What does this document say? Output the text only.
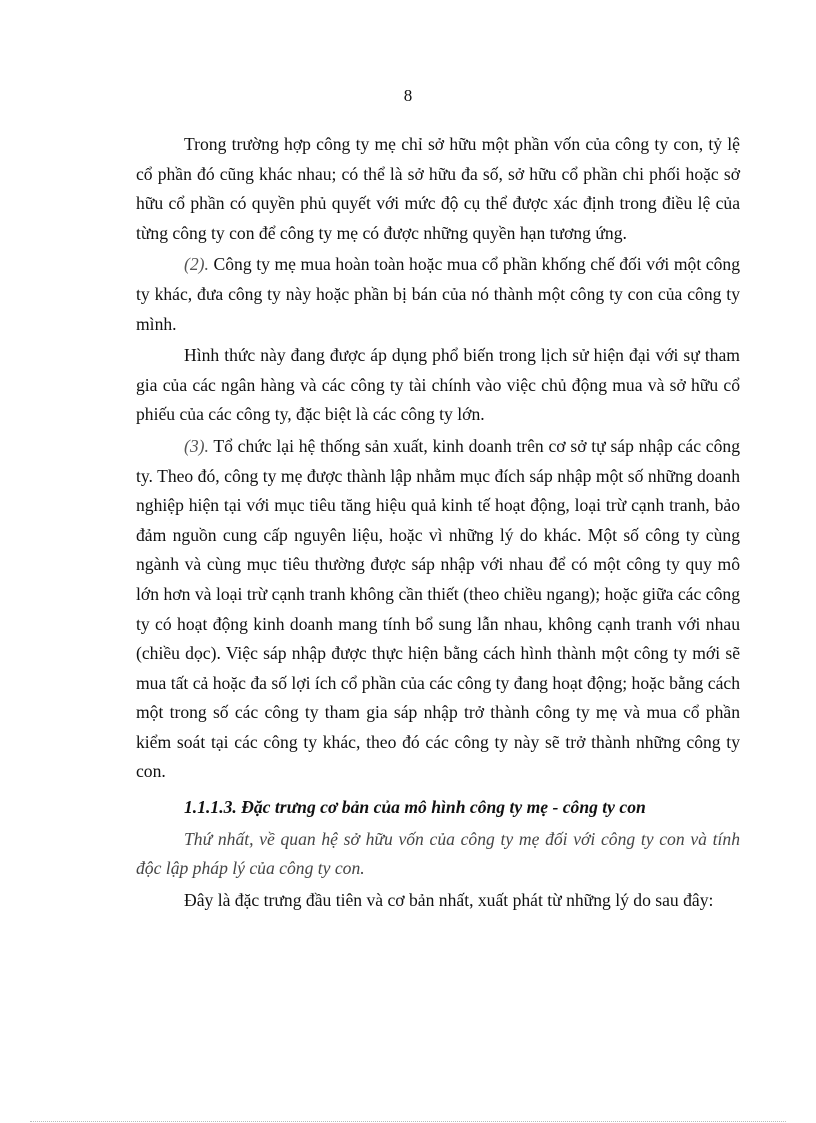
8

Trong trường hợp công ty mẹ chỉ sở hữu một phần vốn của công ty con, tỷ lệ cổ phần đó cũng khác nhau; có thể là sở hữu đa số, sở hữu cổ phần chi phối hoặc sở hữu cổ phần có quyền phủ quyết với mức độ cụ thể được xác định trong điều lệ của từng công ty con để công ty mẹ có được những quyền hạn tương ứng.

(2). Công ty mẹ mua hoàn toàn hoặc mua cổ phần khống chế đối với một công ty khác, đưa công ty này hoặc phần bị bán của nó thành một công ty con của công ty mình.

Hình thức này đang được áp dụng phổ biến trong lịch sử hiện đại với sự tham gia của các ngân hàng và các công ty tài chính vào việc chủ động mua và sở hữu cổ phiếu của các công ty, đặc biệt là các công ty lớn.

(3). Tổ chức lại hệ thống sản xuất, kinh doanh trên cơ sở tự sáp nhập các công ty. Theo đó, công ty mẹ được thành lập nhằm mục đích sáp nhập một số những doanh nghiệp hiện tại với mục tiêu tăng hiệu quả kinh tế hoạt động, loại trừ cạnh tranh, bảo đảm nguồn cung cấp nguyên liệu, hoặc vì những lý do khác. Một số công ty cùng ngành và cùng mục tiêu thường được sáp nhập với nhau để có một công ty quy mô lớn hơn và loại trừ cạnh tranh không cần thiết (theo chiều ngang); hoặc giữa các công ty có hoạt động kinh doanh mang tính bổ sung lẫn nhau, không cạnh tranh với nhau (chiều dọc). Việc sáp nhập được thực hiện bằng cách hình thành một công ty mới sẽ mua tất cả hoặc đa số lợi ích cổ phần của các công ty đang hoạt động; hoặc bằng cách một trong số các công ty tham gia sáp nhập trở thành công ty mẹ và mua cổ phần kiểm soát tại các công ty khác, theo đó các công ty này sẽ trở thành những công ty con.

1.1.1.3. Đặc trưng cơ bản của mô hình công ty mẹ - công ty con

Thứ nhất, về quan hệ sở hữu vốn của công ty mẹ đối với công ty con và tính độc lập pháp lý của công ty con.

Đây là đặc trưng đầu tiên và cơ bản nhất, xuất phát từ những lý do sau đây:
